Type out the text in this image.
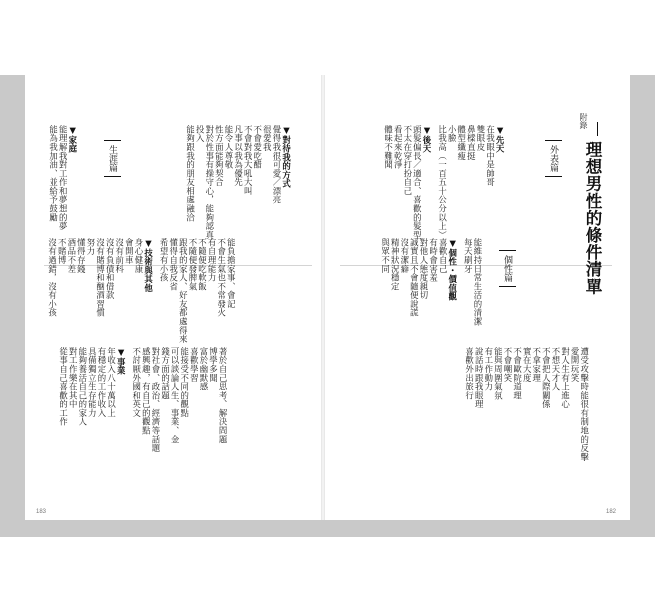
附錄
理想男性的條件清單
外表篇
個性篇
生涯篇
▼先天
在我眼中是帥哥
雙眼皮
鼻樑直挺
體型纖瘦
小臉
比我高（一百五十公分以上）
▼後天
頭髮偏長／適合、喜歡的髮型
不太在穿打扮自己
看起來乾淨
體味不難聞
能維持日常生活的清潔
每天刷牙
▼個性・價值觀
喜歡自己
有時會害羞
對他人態度親切
誠實且不會隨便說謊
沒有潔癖
精神狀況穩定
與眾不同
遭受攻擊時能很有制地的反擊
愛開玩笑
對人生有上進心
不想天才人
不會把人際關係
不拿家理
實在大度
不會歐院道理
不會嘲笑
能與周圍氣氛
有工作動力
說話時跟我眼理
喜歡外出旅行
著於自己思考、解決問題
博學多聞
富於幽默感
喜歡學習
能接受不同的觀點
可以談論人生、事業、金
錢方面的話題
對社會、政治、經濟等話題
感興趣，有自己的觀點
不討厭外國和英文
▼事業
年收入八十萬以上
有穩定的工作收入
具備獨立生存能力
能夠養活自己的家人
對工作樂在其中
從事自己喜歡的工作
能負擔家事、會記
不會生氣也不常發火
有自理能力
不隨便吃軟飯
不隨便發脾氣
跟我的家人、好友都處得來
懂得自我反省
希望有小孩
▼技術與其他
身心健康
會開車
沒有前科
沒有負債和借款
沒有賭博和酗酒習慣
努力
懂得存錢
酒品不差
不賭博
沒有過錯，沒有小孩
▼對待我的方式
覺得我很可愛／漂亮
很愛我
不會愛吃醋
不會對我大吼大叫
凡事以我為優先
能令人尊敬
性方面能夠契合
對於性事有操守心，能夠認真
投入
能夠跟我的朋友相處融洽
▼家庭
能理解我對工作和夢想的夢
能為我加油、並給予鼓勵
183	182
